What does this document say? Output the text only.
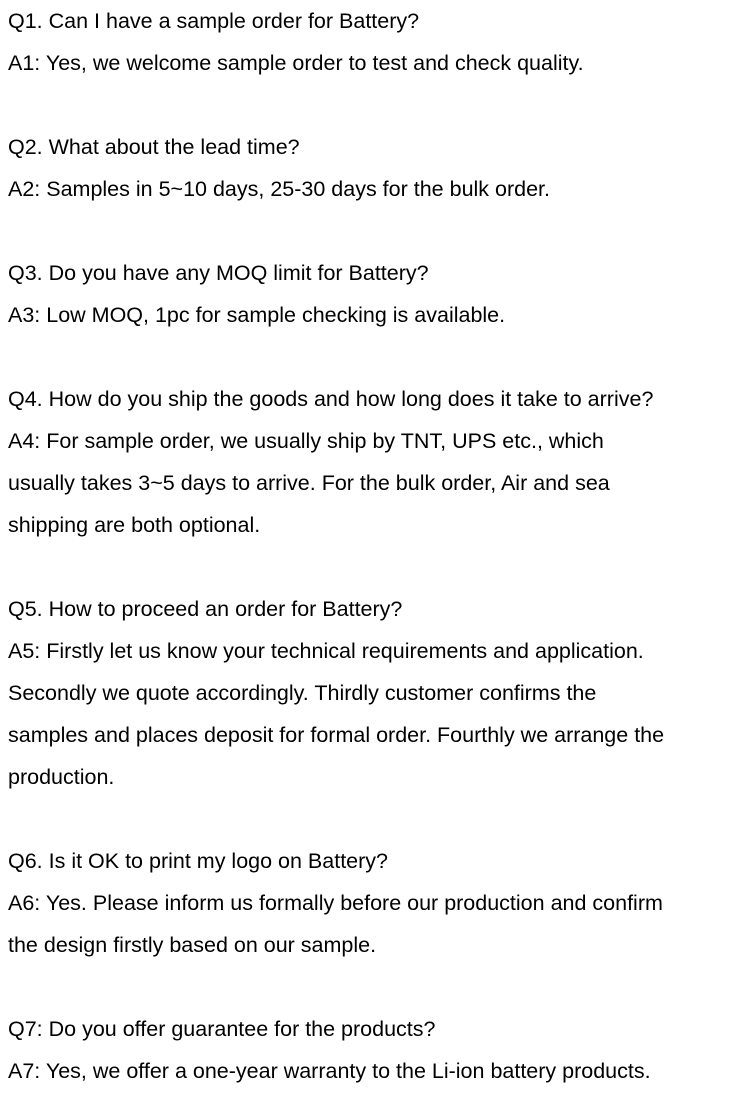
Q1. Can I have a sample order for Battery?
A1: Yes, we welcome sample order to test and check quality.
Q2. What about the lead time?
A2: Samples in 5~10 days, 25-30 days for the bulk order.
Q3. Do you have any MOQ limit for Battery?
A3: Low MOQ, 1pc for sample checking is available.
Q4. How do you ship the goods and how long does it take to arrive?
A4: For sample order, we usually ship by TNT, UPS etc., which
usually takes 3~5 days to arrive. For the bulk order, Air and sea
shipping are both optional.
Q5. How to proceed an order for Battery?
A5: Firstly let us know your technical requirements and application.
Secondly we quote accordingly. Thirdly customer confirms the
samples and places deposit for formal order. Fourthly we arrange the
production.
Q6. Is it OK to print my logo on Battery?
A6: Yes. Please inform us formally before our production and confirm
the design firstly based on our sample.
Q7: Do you offer guarantee for the products?
A7: Yes, we offer a one-year warranty to the Li-ion battery products.
